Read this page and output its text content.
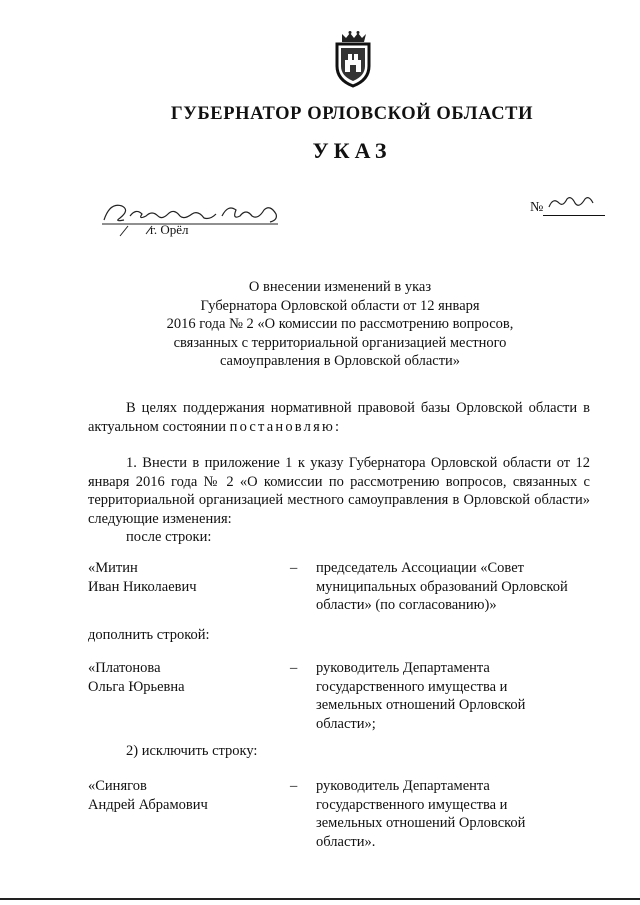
ГУБЕРНАТОР ОРЛОВСКОЙ ОБЛАСТИ
УКАЗ
г. Орёл
№
О внесении изменений в указ
Губернатора Орловской области от 12 января
2016 года № 2 «О комиссии по рассмотрению вопросов,
связанных с территориальной организацией местного
самоуправления в Орловской области»
В целях поддержания нормативной правовой базы Орловской области в актуальном состоянии постановляю:
1. Внести в приложение 1 к указу Губернатора Орловской области от 12 января 2016 года № 2 «О комиссии по рассмотрению вопросов, связанных с территориальной организацией местного самоуправления в Орловской области» следующие изменения:
после строки:
«Митин
Иван Николаевич
– председатель Ассоциации «Совет муниципальных образований Орловской области» (по согласованию)»
дополнить строкой:
«Платонова
Ольга Юрьевна
– руководитель Департамента государственного имущества и земельных отношений Орловской области»;
2) исключить строку:
«Синягов
Андрей Абрамович
– руководитель Департамента государственного имущества и земельных отношений Орловской области».
